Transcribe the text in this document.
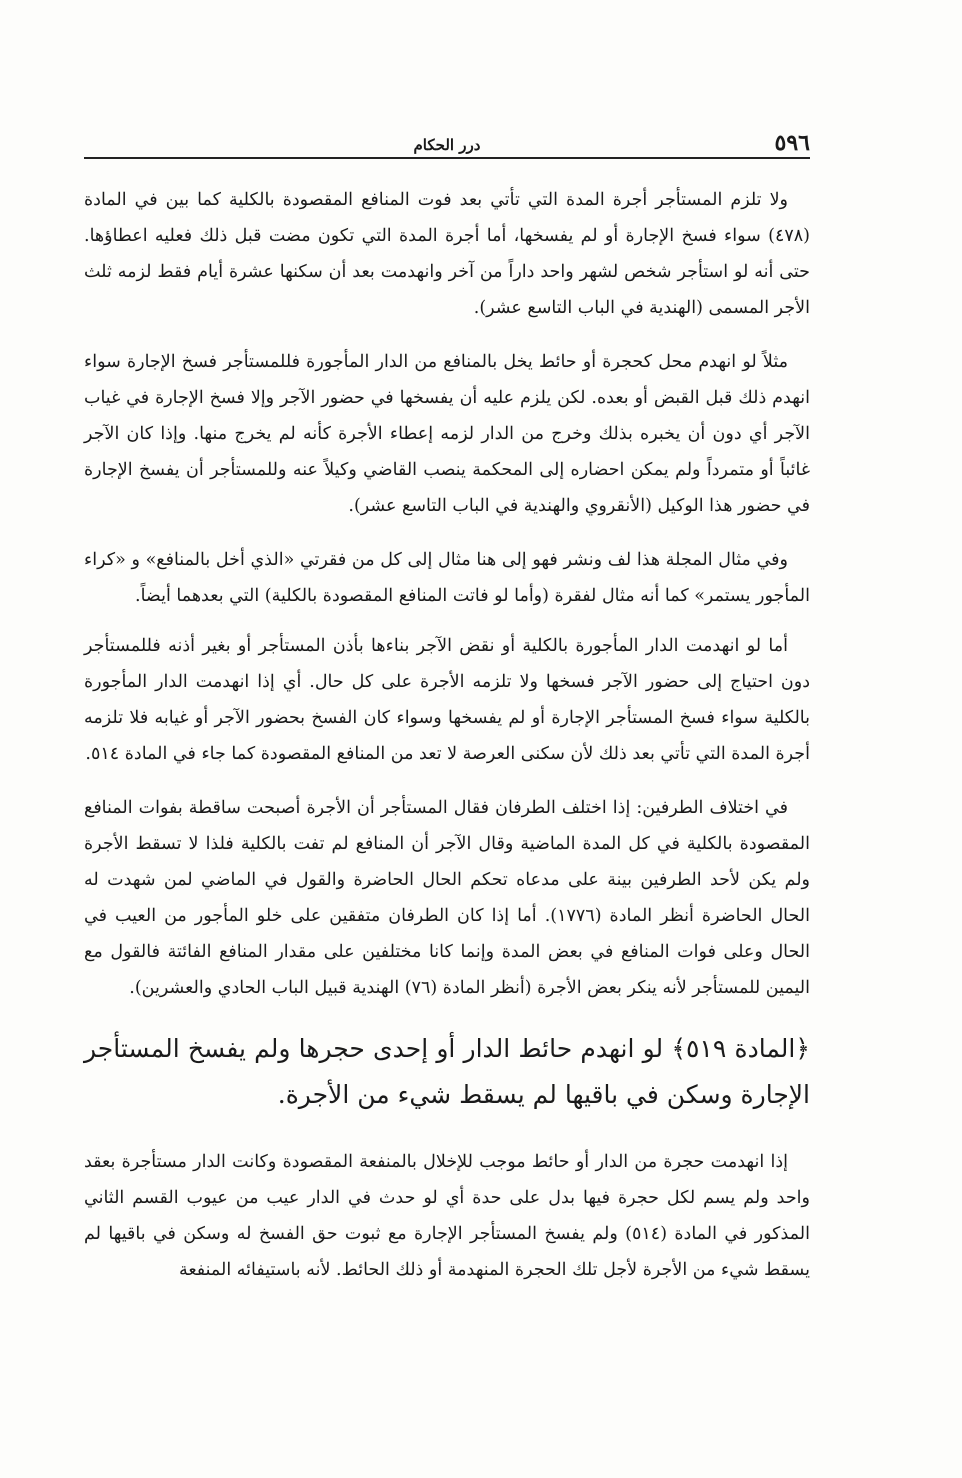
٥٩٦
درر الحكام

ولا تلزم المستأجر أجرة المدة التي تأتي بعد فوت المنافع المقصودة بالكلية كما بين في المادة (٤٧٨) سواء فسخ الإجارة أو لم يفسخها، أما أجرة المدة التي تكون مضت قبل ذلك فعليه اعطاؤها. حتى أنه لو استأجر شخص لشهر واحد داراً من آخر وانهدمت بعد أن سكنها عشرة أيام فقط لزمه ثلث الأجر المسمى (الهندية في الباب التاسع عشر).

مثلاً لو انهدم محل كحجرة أو حائط يخل بالمنافع من الدار المأجورة فللمستأجر فسخ الإجارة سواء انهدم ذلك قبل القبض أو بعده. لكن يلزم عليه أن يفسخها في حضور الآجر وإلا فسخ الإجارة في غياب الآجر أي دون أن يخبره بذلك وخرج من الدار لزمه إعطاء الأجرة كأنه لم يخرج منها. وإذا كان الآجر غائباً أو متمرداً ولم يمكن احضاره إلى المحكمة ينصب القاضي وكيلاً عنه وللمستأجر أن يفسخ الإجارة في حضور هذا الوكيل (الأنقروي والهندية في الباب التاسع عشر).

وفي مثال المجلة هذا لف ونشر فهو إلى هنا مثال إلى كل من فقرتي «الذي أخل بالمنافع» و «كراء المأجور يستمر» كما أنه مثال لفقرة (وأما لو فاتت المنافع المقصودة بالكلية) التي بعدهما أيضاً.

أما لو انهدمت الدار المأجورة بالكلية أو نقض الآجر بناءها بأذن المستأجر أو بغير أذنه فللمستأجر دون احتياج إلى حضور الآجر فسخها ولا تلزمه الأجرة على كل حال. أي إذا انهدمت الدار المأجورة بالكلية سواء فسخ المستأجر الإجارة أو لم يفسخها وسواء كان الفسخ بحضور الآجر أو غيابه فلا تلزمه أجرة المدة التي تأتي بعد ذلك لأن سكنى العرصة لا تعد من المنافع المقصودة كما جاء في المادة ٥١٤.

في اختلاف الطرفين: إذا اختلف الطرفان فقال المستأجر أن الأجرة أصبحت ساقطة بفوات المنافع المقصودة بالكلية في كل المدة الماضية وقال الآجر أن المنافع لم تفت بالكلية فلذا لا تسقط الأجرة ولم يكن لأحد الطرفين بينة على مدعاه تحكم الحال الحاضرة والقول في الماضي لمن شهدت له الحال الحاضرة أنظر المادة (١٧٧٦). أما إذا كان الطرفان متفقين على خلو المأجور من العيب في الحال وعلى فوات المنافع في بعض المدة وإنما كانا مختلفين على مقدار المنافع الفائتة فالقول مع اليمين للمستأجر لأنه ينكر بعض الأجرة (أنظر المادة (٧٦) الهندية قبيل الباب الحادي والعشرين).

﴿المادة ٥١٩﴾ لو انهدم حائط الدار أو إحدى حجرها ولم يفسخ المستأجر الإجارة وسكن في باقيها لم يسقط شيء من الأجرة.

إذا انهدمت حجرة من الدار أو حائط موجب للإخلال بالمنفعة المقصودة وكانت الدار مستأجرة بعقد واحد ولم يسم لكل حجرة فيها بدل على حدة أي لو حدث في الدار عيب من عيوب القسم الثاني المذكور في المادة (٥١٤) ولم يفسخ المستأجر الإجارة مع ثبوت حق الفسخ له وسكن في باقيها لم يسقط شيء من الأجرة لأجل تلك الحجرة المنهدمة أو ذلك الحائط. لأنه باستيفائه المنفعة
